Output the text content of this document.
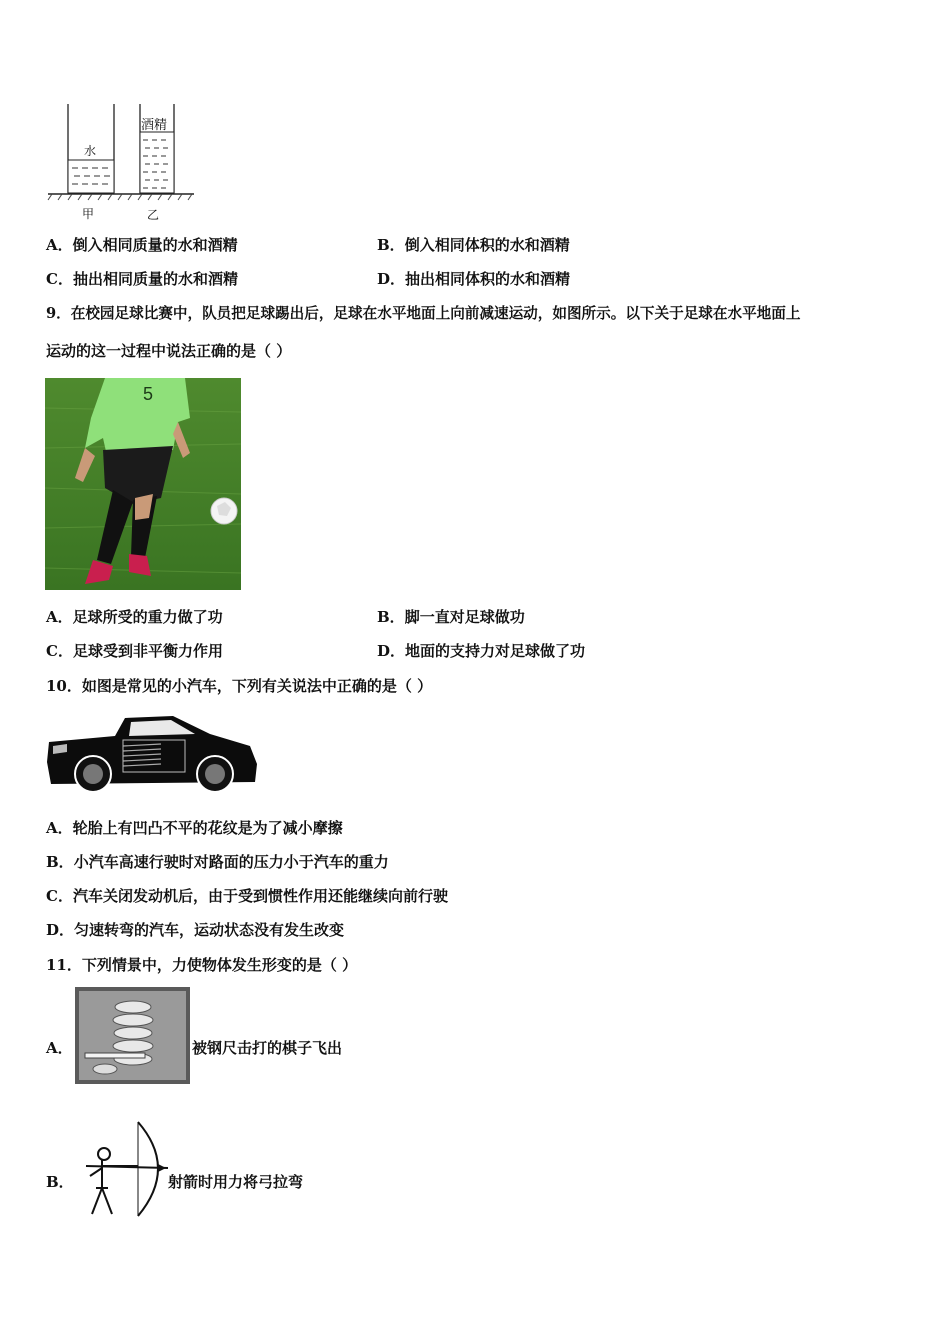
水
酒精
甲	乙
A．倒入相同质量的水和酒精	B．倒入相同体积的水和酒精
C．抽出相同质量的水和酒精	D．抽出相同体积的水和酒精
9．在校园足球比赛中，队员把足球踢出后，足球在水平地面上向前减速运动，如图所示。以下关于足球在水平地面上
运动的这一过程中说法正确的是（ ）
5
A．足球所受的重力做了功	B．脚一直对足球做功
C．足球受到非平衡力作用	D．地面的支持力对足球做了功
10．如图是常见的小汽车，下列有关说法中正确的是（ ）
A．轮胎上有凹凸不平的花纹是为了减小摩擦
B．小汽车高速行驶时对路面的压力小于汽车的重力
C．汽车关闭发动机后，由于受到惯性作用还能继续向前行驶
D．匀速转弯的汽车，运动状态没有发生改变
11．下列情景中，力使物体发生形变的是（ ）
A．	被钢尺击打的棋子飞出
B．	射箭时用力将弓拉弯
